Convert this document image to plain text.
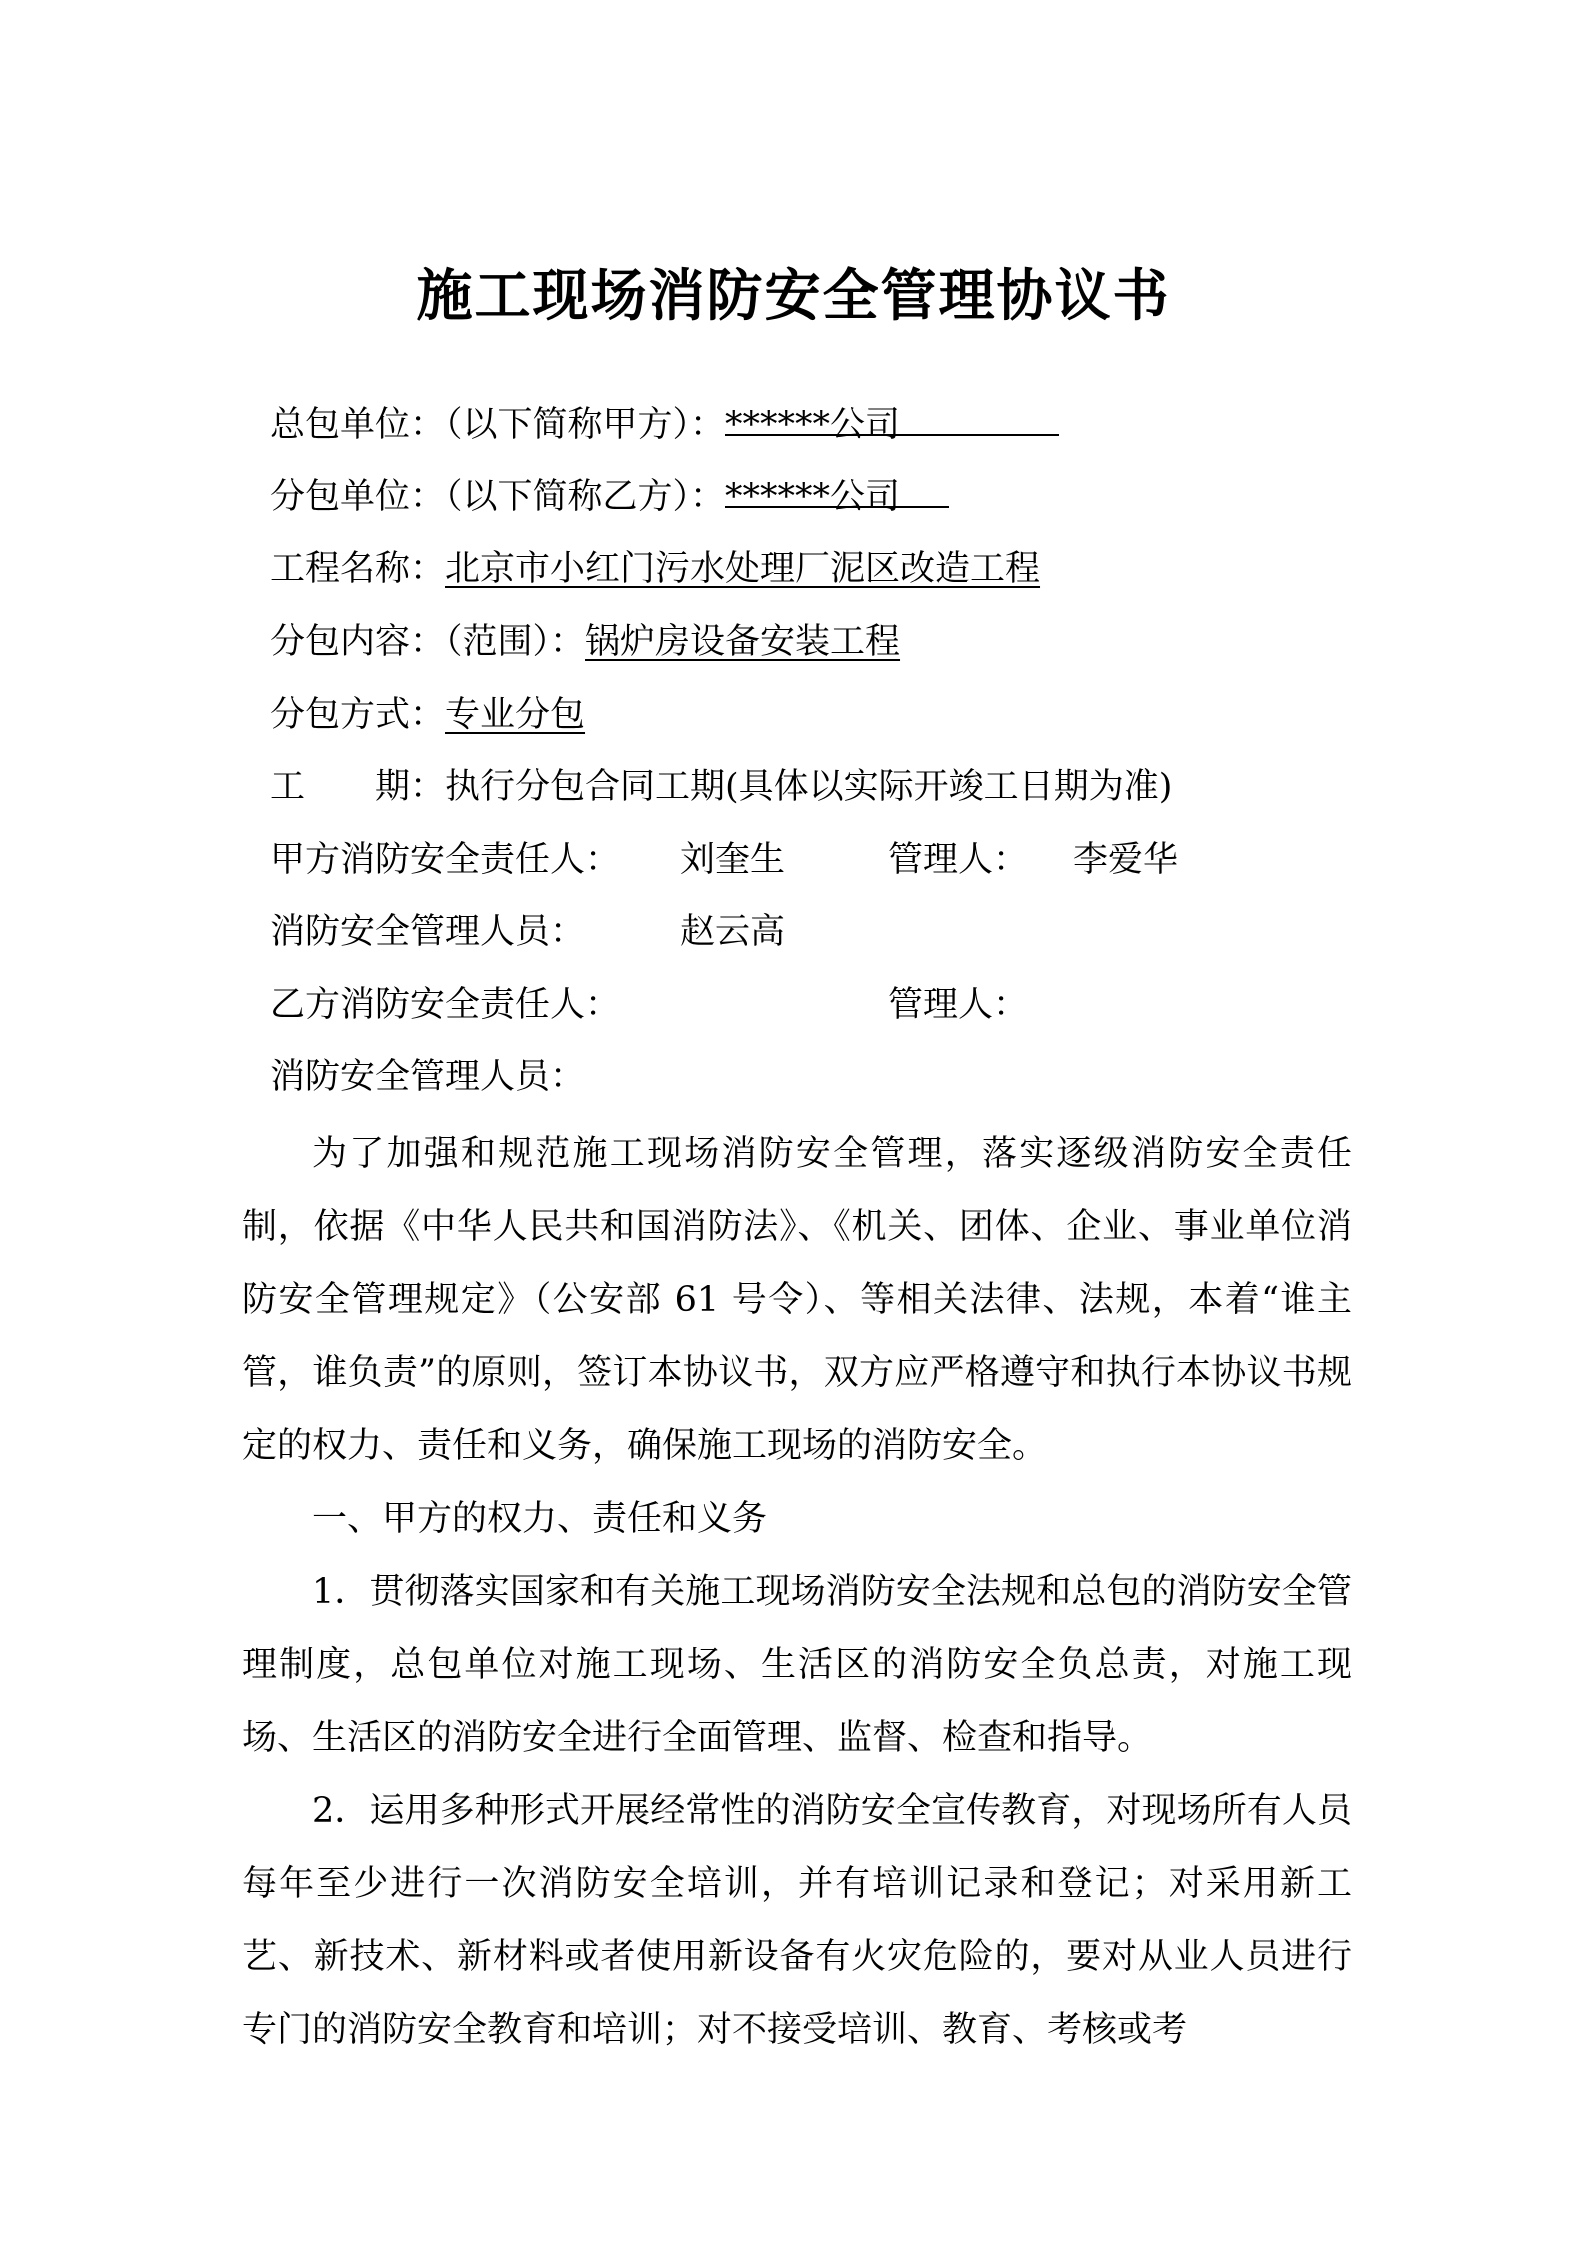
施工现场消防安全管理协议书
总包单位：（以下简称甲方）：******公司
分包单位：（以下简称乙方）：******公司
工程名称：北京市小红门污水处理厂泥区改造工程
分包内容：（范围）：锅炉房设备安装工程
分包方式：专业分包
工 期：执行分包合同工期(具体以实际开竣工日期为准)
甲方消防安全责任人： 刘奎生	管理人： 李爱华
消防安全管理人员：	赵云高
乙方消防安全责任人：	管理人：
消防安全管理人员：

为了加强和规范施工现场消防安全管理，落实逐级消防安全责任制，依据《中华人民共和国消防法》、《机关、团体、企业、事业单位消防安全管理规定》（公安部 61 号令）、等相关法律、法规，本着“谁主管，谁负责”的原则，签订本协议书，双方应严格遵守和执行本协议书规定的权力、责任和义务，确保施工现场的消防安全。

一、甲方的权力、责任和义务

1．贯彻落实国家和有关施工现场消防安全法规和总包的消防安全管理制度，总包单位对施工现场、生活区的消防安全负总责，对施工现场、生活区的消防安全进行全面管理、监督、检查和指导。

2．运用多种形式开展经常性的消防安全宣传教育，对现场所有人员每年至少进行一次消防安全培训，并有培训记录和登记；对采用新工艺、新技术、新材料或者使用新设备有火灾危险的，要对从业人员进行专门的消防安全教育和培训；对不接受培训、教育、考核或考
